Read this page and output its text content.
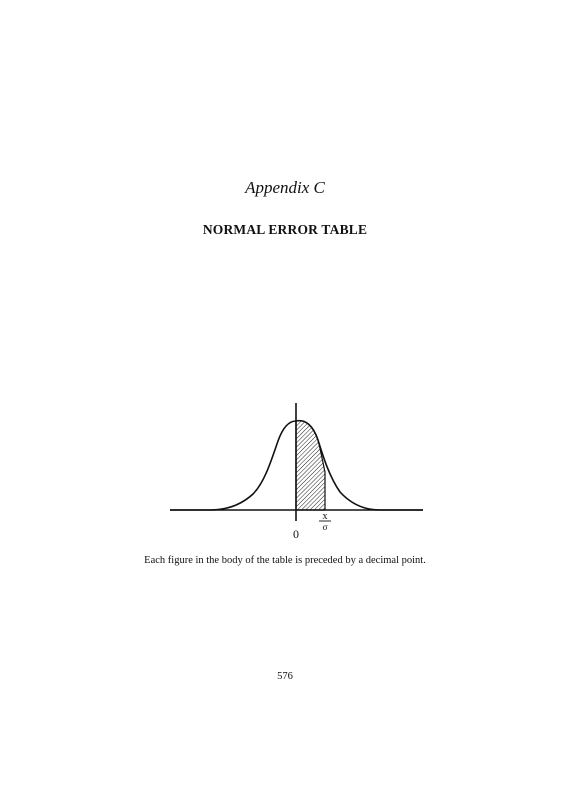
Appendix C
NORMAL ERROR TABLE
x
σ
0
Each figure in the body of the table is preceded by a decimal point.
576
